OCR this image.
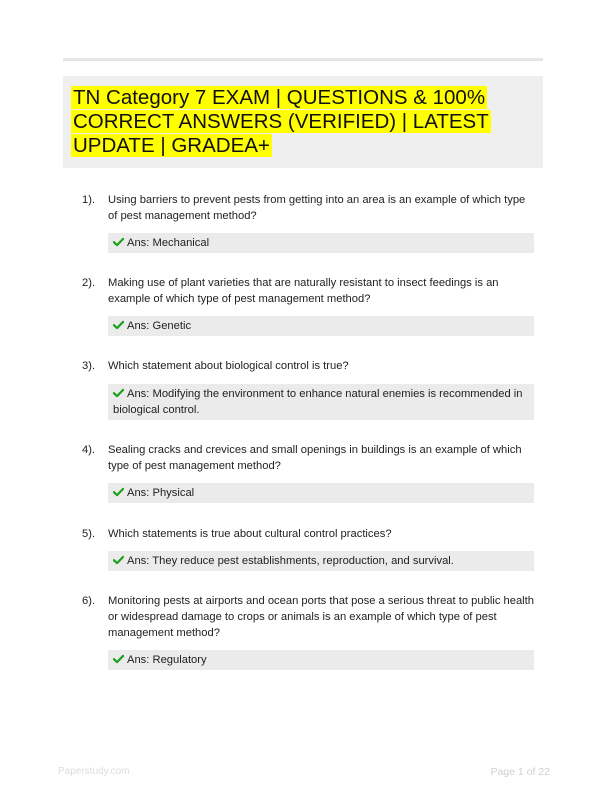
TN Category 7 EXAM | QUESTIONS & 100% CORRECT ANSWERS (VERIFIED) | LATEST UPDATE | GRADEA+
1). Using barriers to prevent pests from getting into an area is an example of which type of pest management method?
Ans: Mechanical
2). Making use of plant varieties that are naturally resistant to insect feedings is an example of which type of pest management method?
Ans: Genetic
3). Which statement about biological control is true?
Ans: Modifying the environment to enhance natural enemies is recommended in biological control.
4). Sealing cracks and crevices and small openings in buildings is an example of which type of pest management method?
Ans: Physical
5). Which statements is true about cultural control practices?
Ans: They reduce pest establishments, reproduction, and survival.
6). Monitoring pests at airports and ocean ports that pose a serious threat to public health or widespread damage to crops or animals is an example of which type of pest management method?
Ans: Regulatory
Paperstudy.com	Page 1 of 22
